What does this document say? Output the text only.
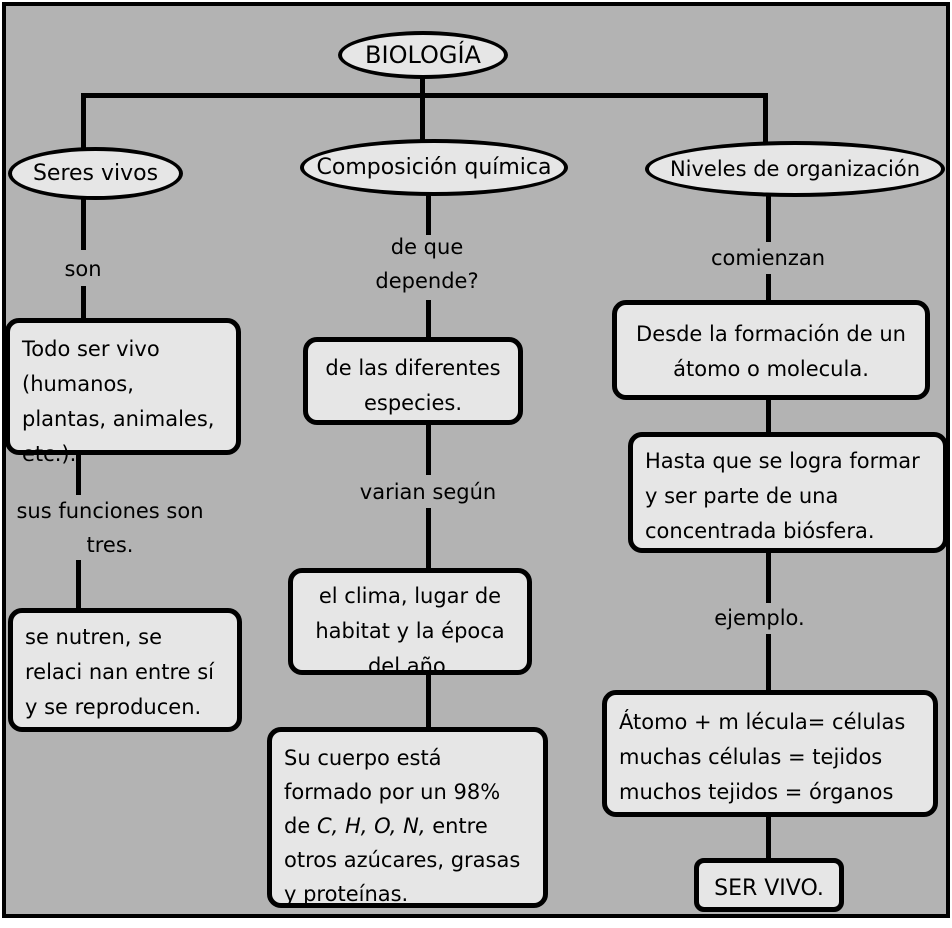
BIOLOGÍA
Seres vivos	Composición química	Niveles de organización
son
Todo ser vivo (humanos, plantas, animales, etc.).
sus funciones son tres.
se nutren, se relaci nan entre sí y se reproducen.
de que depende?
de las diferentes especies.
varian según
el clima, lugar de habitat y la época del año.
Su cuerpo está formado por un 98% de C, H, O, N, entre otros azúcares, grasas y proteínas.
comienzan
Desde la formación de un átomo o molecula.
Hasta que se logra formar y ser parte de una concentrada biósfera.
ejemplo.
Átomo + m lécula= células
muchas células = tejidos
muchos tejidos = órganos
SER VIVO.
